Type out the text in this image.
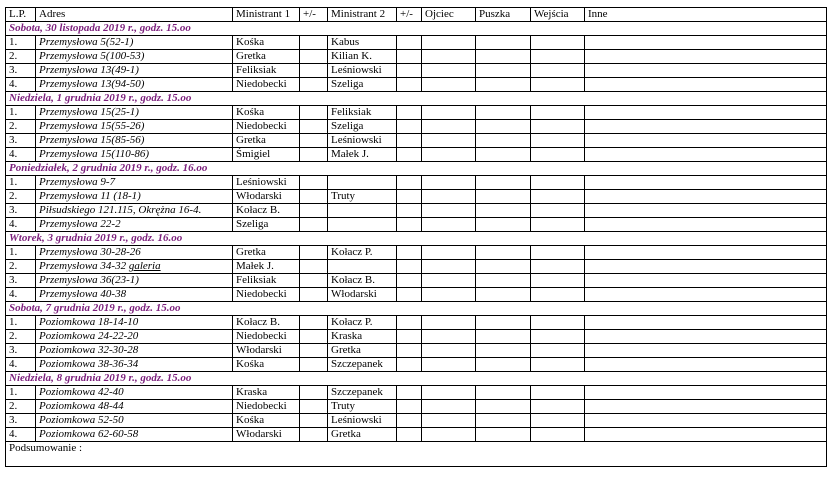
L.P.	Adres	Ministrant 1	+/-	Ministrant 2	+/-	Ojciec	Puszka	Wejścia	Inne
Sobota, 30 listopada 2019 r., godz. 15.oo									
1.	Przemysłowa 5(52-1)	Kośka		Kabus					
2.	Przemysłowa 5(100-53)	Gretka		Kilian K.					
3.	Przemysłowa 13(49-1)	Feliksiak		Leśniowski					
4.	Przemysłowa 13(94-50)	Niedobecki		Szeliga					
Niedziela, 1 grudnia 2019 r., godz. 15.oo									
1.	Przemysłowa 15(25-1)	Kośka		Feliksiak					
2.	Przemysłowa 15(55-26)	Niedobecki		Szeliga					
3.	Przemysłowa 15(85-56)	Gretka		Leśniowski					
4.	Przemysłowa 15(110-86)	Śmigiel		Małek J.					
Poniedziałek, 2 grudnia 2019 r., godz. 16.oo									
1.	Przemysłowa 9-7	Leśniowski							
2.	Przemysłowa 11 (18-1)	Włodarski		Truty					
3.	Piłsudskiego 121.115, Okrężna 16-4.	Kołacz B.							
4.	Przemysłowa 22-2	Szeliga							
Wtorek, 3 grudnia 2019 r., godz. 16.oo									
1.	Przemysłowa 30-28-26	Gretka		Kołacz P.					
2.	Przemysłowa 34-32 galeria	Małek J.							
3.	Przemysłowa 36(23-1)	Feliksiak		Kołacz B.					
4.	Przemysłowa 40-38	Niedobecki		Włodarski					
Sobota, 7 grudnia 2019 r., godz. 15.oo									
1.	Poziomkowa 18-14-10	Kołacz B.		Kołacz P.					
2.	Poziomkowa 24-22-20	Niedobecki		Kraska					
3.	Poziomkowa 32-30-28	Włodarski		Gretka					
4.	Poziomkowa 38-36-34	Kośka		Szczepanek					
Niedziela, 8 grudnia 2019 r., godz. 15.oo									
1.	Poziomkowa 42-40	Kraska		Szczepanek					
2.	Poziomkowa 48-44	Niedobecki		Truty					
3.	Poziomkowa 52-50	Kośka		Leśniowski					
4.	Poziomkowa 62-60-58	Włodarski		Gretka					
Podsumowanie :									
